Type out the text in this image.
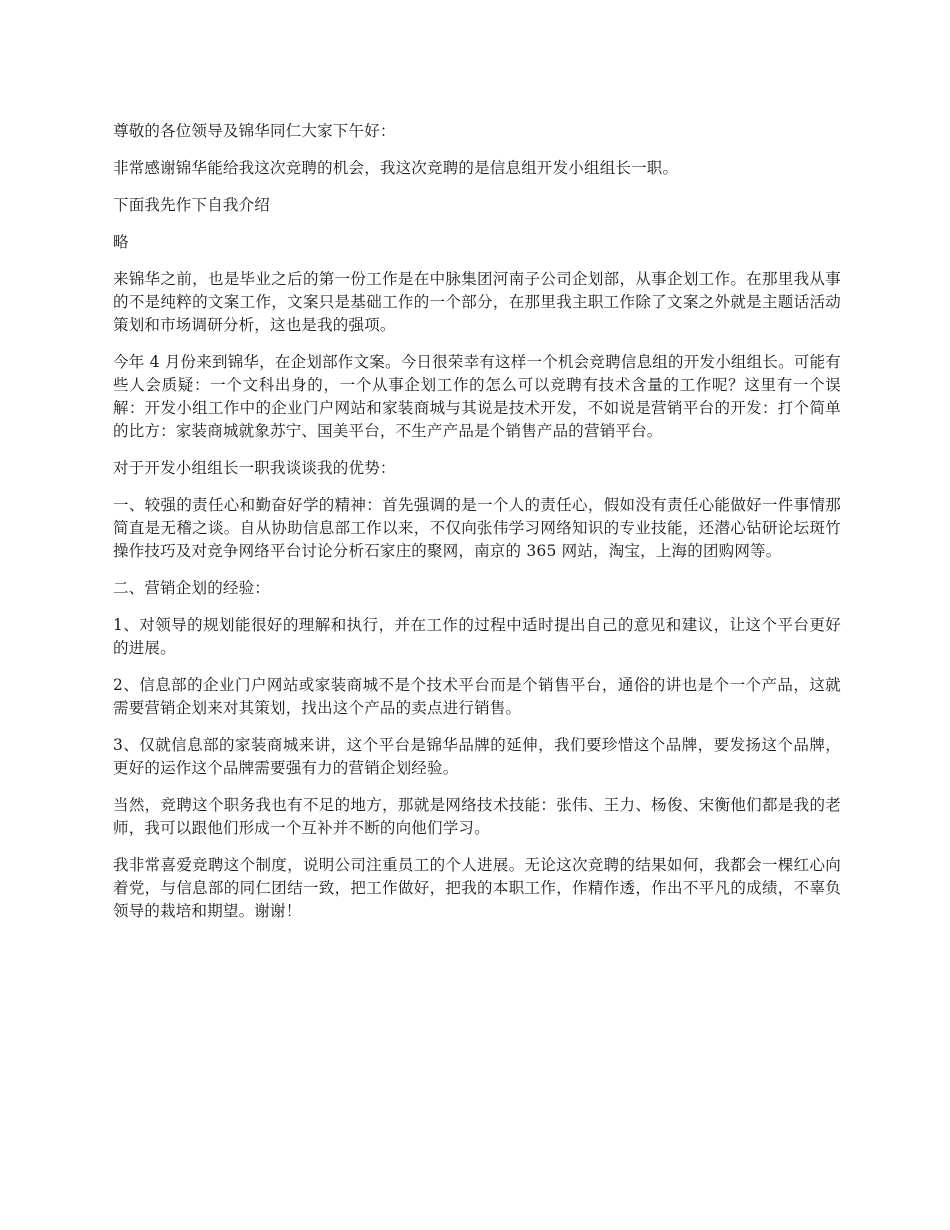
尊敬的各位领导及锦华同仁大家下午好：

非常感谢锦华能给我这次竞聘的机会，我这次竞聘的是信息组开发小组组长一职。

下面我先作下自我介绍

略

来锦华之前，也是毕业之后的第一份工作是在中脉集团河南子公司企划部，从事企划工作。在那里我从事的不是纯粹的文案工作，文案只是基础工作的一个部分，在那里我主职工作除了文案之外就是主题话活动策划和市场调研分析，这也是我的强项。

今年 4 月份来到锦华，在企划部作文案。今日很荣幸有这样一个机会竞聘信息组的开发小组组长。可能有些人会质疑：一个文科出身的，一个从事企划工作的怎么可以竞聘有技术含量的工作呢？这里有一个误解：开发小组工作中的企业门户网站和家装商城与其说是技术开发，不如说是营销平台的开发：打个简单的比方：家装商城就象苏宁、国美平台，不生产产品是个销售产品的营销平台。

对于开发小组组长一职我谈谈我的优势：

一、较强的责任心和勤奋好学的精神：首先强调的是一个人的责任心，假如没有责任心能做好一件事情那简直是无稽之谈。自从协助信息部工作以来，不仅向张伟学习网络知识的专业技能，还潜心钻研论坛斑竹操作技巧及对竞争网络平台讨论分析石家庄的聚网，南京的 365 网站，淘宝，上海的团购网等。

二、营销企划的经验：

1、对领导的规划能很好的理解和执行，并在工作的过程中适时提出自己的意见和建议，让这个平台更好的进展。

2、信息部的企业门户网站或家装商城不是个技术平台而是个销售平台，通俗的讲也是个一个产品，这就需要营销企划来对其策划，找出这个产品的卖点进行销售。

3、仅就信息部的家装商城来讲，这个平台是锦华品牌的延伸，我们要珍惜这个品牌，要发扬这个品牌，更好的运作这个品牌需要强有力的营销企划经验。

当然，竞聘这个职务我也有不足的地方，那就是网络技术技能：张伟、王力、杨俊、宋衡他们都是我的老师，我可以跟他们形成一个互补并不断的向他们学习。

我非常喜爱竞聘这个制度，说明公司注重员工的个人进展。无论这次竞聘的结果如何，我都会一棵红心向着党，与信息部的同仁团结一致，把工作做好，把我的本职工作，作精作透，作出不平凡的成绩，不辜负领导的栽培和期望。谢谢！
